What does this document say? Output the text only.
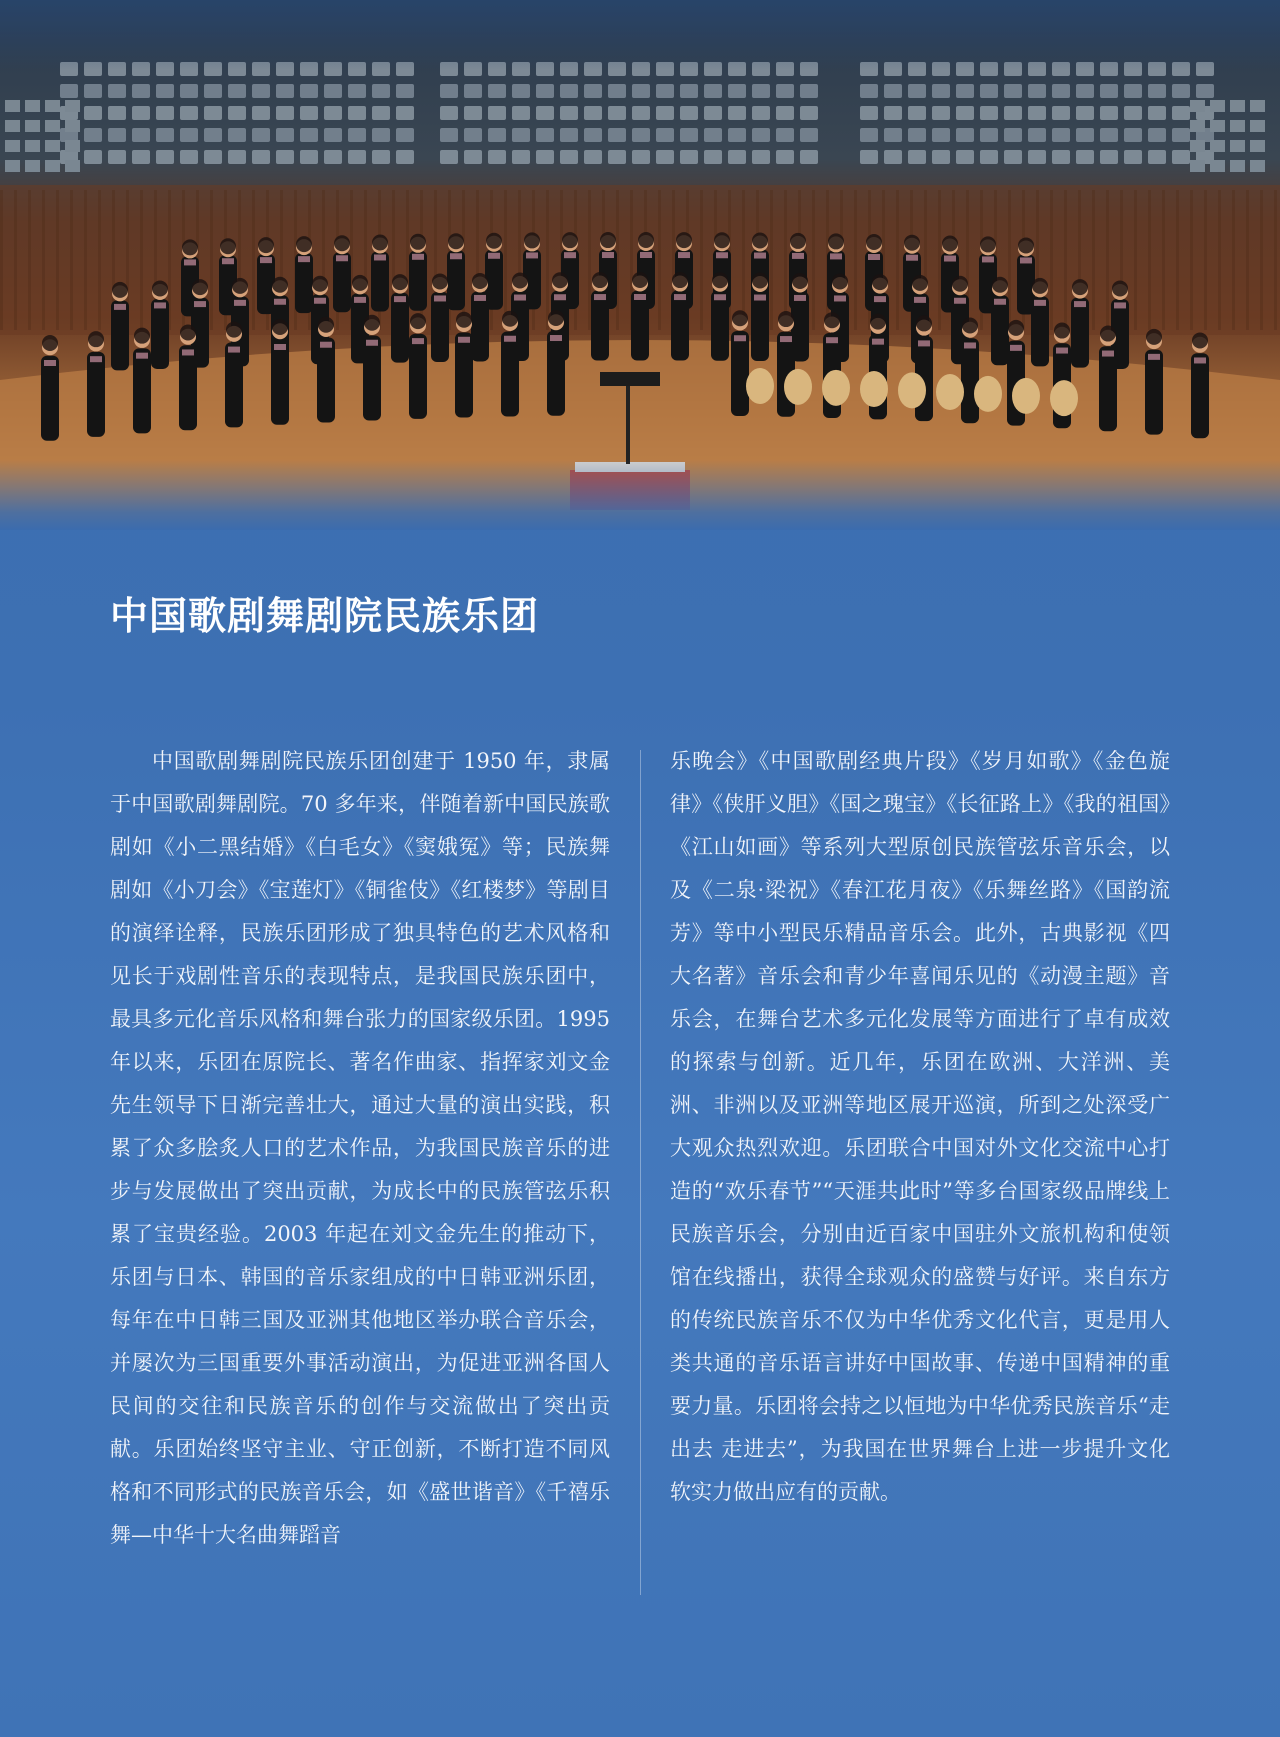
中国歌剧舞剧院民族乐团

中国歌剧舞剧院民族乐团创建于 1950 年，隶属于中国歌剧舞剧院。70 多年来，伴随着新中国民族歌剧如《小二黑结婚》《白毛女》《窦娥冤》等；民族舞剧如《小刀会》《宝莲灯》《铜雀伎》《红楼梦》等剧目的演绎诠释，民族乐团形成了独具特色的艺术风格和见长于戏剧性音乐的表现特点，是我国民族乐团中，最具多元化音乐风格和舞台张力的国家级乐团。1995 年以来，乐团在原院长、著名作曲家、指挥家刘文金先生领导下日渐完善壮大，通过大量的演出实践，积累了众多脍炙人口的艺术作品，为我国民族音乐的进步与发展做出了突出贡献，为成长中的民族管弦乐积累了宝贵经验。2003 年起在刘文金先生的推动下，乐团与日本、韩国的音乐家组成的中日韩亚洲乐团，每年在中日韩三国及亚洲其他地区举办联合音乐会，并屡次为三国重要外事活动演出，为促进亚洲各国人民间的交往和民族音乐的创作与交流做出了突出贡献。乐团始终坚守主业、守正创新，不断打造不同风格和不同形式的民族音乐会，如《盛世谐音》《千禧乐舞—中华十大名曲舞蹈音

乐晚会》《中国歌剧经典片段》《岁月如歌》《金色旋律》《侠肝义胆》《国之瑰宝》《长征路上》《我的祖国》《江山如画》等系列大型原创民族管弦乐音乐会，以及《二泉·梁祝》《春江花月夜》《乐舞丝路》《国韵流芳》等中小型民乐精品音乐会。此外，古典影视《四大名著》音乐会和青少年喜闻乐见的《动漫主题》音乐会，在舞台艺术多元化发展等方面进行了卓有成效的探索与创新。近几年，乐团在欧洲、大洋洲、美洲、非洲以及亚洲等地区展开巡演，所到之处深受广大观众热烈欢迎。乐团联合中国对外文化交流中心打造的“欢乐春节”“天涯共此时”等多台国家级品牌线上民族音乐会，分别由近百家中国驻外文旅机构和使领馆在线播出，获得全球观众的盛赞与好评。来自东方的传统民族音乐不仅为中华优秀文化代言，更是用人类共通的音乐语言讲好中国故事、传递中国精神的重要力量。乐团将会持之以恒地为中华优秀民族音乐“走出去 走进去”，为我国在世界舞台上进一步提升文化软实力做出应有的贡献。
